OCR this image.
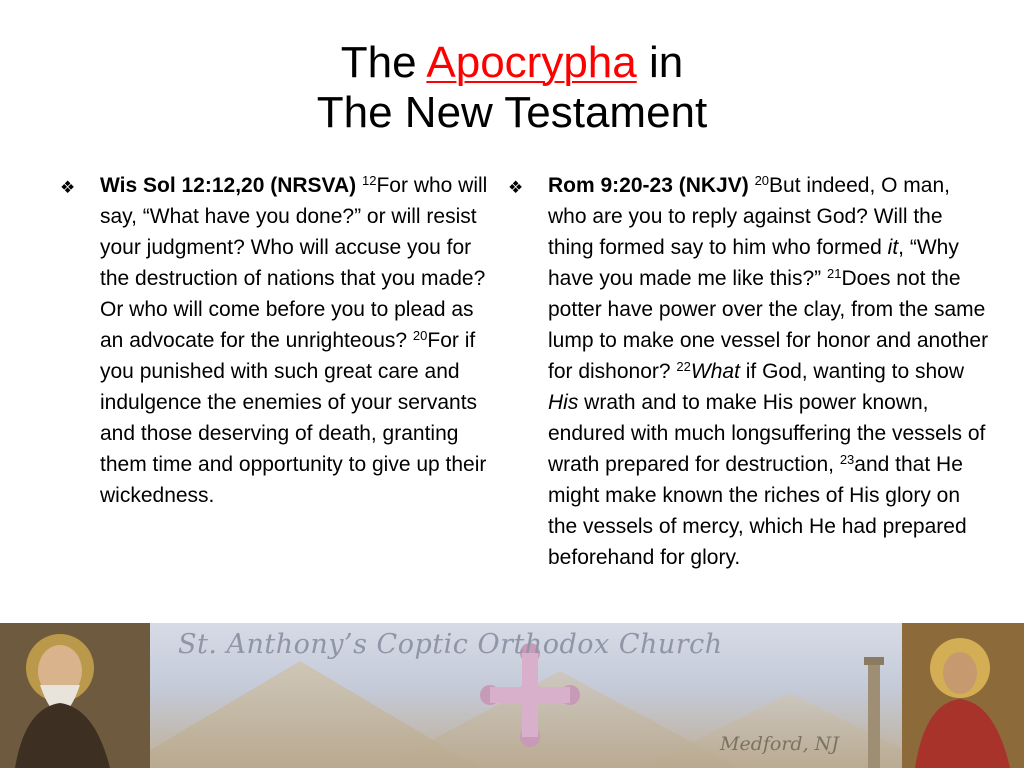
The Apocrypha in
The New Testament
❖	Wis Sol 12:12,20 (NRSVA) $^{12}$For who will say, “What have you done?” or will resist your judgment? Who will accuse you for the destruction of nations that you made? Or who will come before you to plead as an advocate for the unrighteous? $^{20}$For if you punished with such great care and indulgence the enemies of your servants and those deserving of death, granting them time and opportunity to give up their wickedness.
❖	Rom 9:20-23 (NKJV) $^{20}$But indeed, O man, who are you to reply against God? Will the thing formed say to him who formed it, “Why have you made me like this?” $^{21}$Does not the potter have power over the clay, from the same lump to make one vessel for honor and another for dishonor? $^{22}$What if God, wanting to show His wrath and to make His power known, endured with much longsuffering the vessels of wrath prepared for destruction, $^{23}$and that He might make known the riches of His glory on the vessels of mercy, which He had prepared beforehand for glory.
St. Anthony’s Coptic Orthodox Church
Medford, NJ
